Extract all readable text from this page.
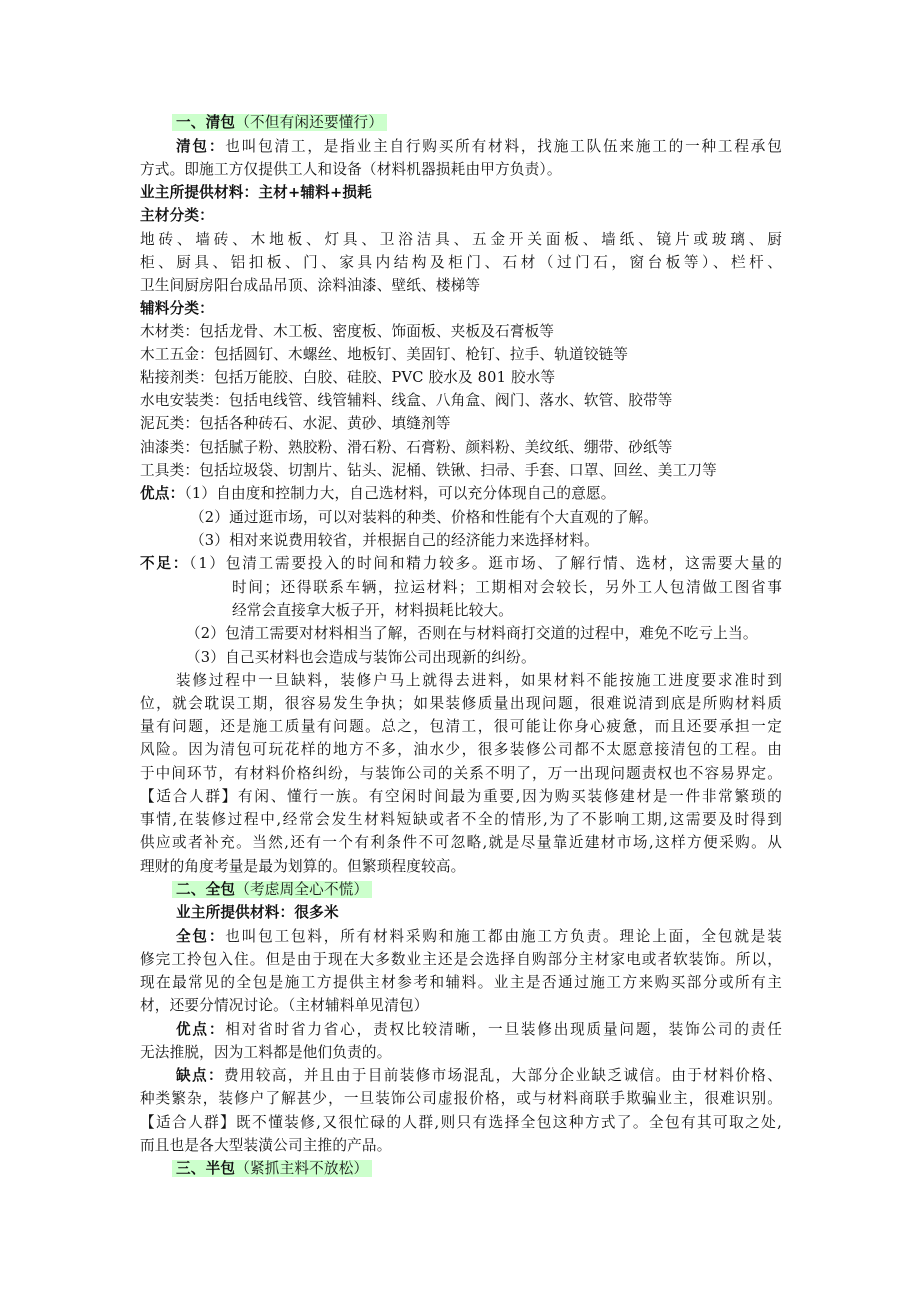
一、清包（不但有闲还要懂行）
清包：也叫包清工，是指业主自行购买所有材料，找施工队伍来施工的一种工程承包
方式。即施工方仅提供工人和设备（材料机器损耗由甲方负责）。
业主所提供材料：主材+辅料+损耗
主材分类：
地砖、墙砖、木地板、灯具、卫浴洁具、五金开关面板、墙纸、镜片或玻璃、厨
柜、厨具、铝扣板、门、家具内结构及柜门、石材（过门石，窗台板等）、栏杆、
卫生间厨房阳台成品吊顶、涂料油漆、壁纸、楼梯等
辅料分类：
木材类：包括龙骨、木工板、密度板、饰面板、夹板及石膏板等
木工五金：包括圆钉、木螺丝、地板钉、美固钉、枪钉、拉手、轨道铰链等
粘接剂类：包括万能胶、白胶、硅胶、PVC 胶水及 801 胶水等
水电安装类：包括电线管、线管辅料、线盒、八角盒、阀门、落水、软管、胶带等
泥瓦类：包括各种砖石、水泥、黄砂、填缝剂等
油漆类：包括腻子粉、熟胶粉、滑石粉、石膏粉、颜料粉、美纹纸、绷带、砂纸等
工具类：包括垃圾袋、切割片、钻头、泥桶、铁锹、扫帚、手套、口罩、回丝、美工刀等
优点：（1）自由度和控制力大，自己选材料，可以充分体现自己的意愿。
（2）通过逛市场，可以对装料的种类、价格和性能有个大直观的了解。
（3）相对来说费用较省，并根据自己的经济能力来选择材料。
不足：（1）包清工需要投入的时间和精力较多。逛市场、了解行情、选材，这需要大量的
时间；还得联系车辆，拉运材料；工期相对会较长，另外工人包清做工图省事
经常会直接拿大板子开，材料损耗比较大。
（2）包清工需要对材料相当了解，否则在与材料商打交道的过程中，难免不吃亏上当。
（3）自己买材料也会造成与装饰公司出现新的纠纷。
装修过程中一旦缺料，装修户马上就得去进料，如果材料不能按施工进度要求准时到
位，就会耽误工期，很容易发生争执；如果装修质量出现问题，很难说清到底是所购材料质
量有问题，还是施工质量有问题。总之，包清工，很可能让你身心疲惫，而且还要承担一定
风险。因为清包可玩花样的地方不多，油水少，很多装修公司都不太愿意接清包的工程。由
于中间环节，有材料价格纠纷，与装饰公司的关系不明了，万一出现问题责权也不容易界定。
【适合人群】有闲、懂行一族。有空闲时间最为重要,因为购买装修建材是一件非常繁琐的
事情,在装修过程中,经常会发生材料短缺或者不全的情形,为了不影响工期,这需要及时得到
供应或者补充。当然,还有一个有利条件不可忽略,就是尽量靠近建材市场,这样方便采购。从
理财的角度考量是最为划算的。但繁琐程度较高。
二、全包（考虑周全心不慌）
业主所提供材料：很多米
全包：也叫包工包料，所有材料采购和施工都由施工方负责。理论上面，全包就是装
修完工拎包入住。但是由于现在大多数业主还是会选择自购部分主材家电或者软装饰。所以，
现在最常见的全包是施工方提供主材参考和辅料。业主是否通过施工方来购买部分或所有主
材，还要分情况讨论。（主材辅料单见清包）
优点：相对省时省力省心，责权比较清晰，一旦装修出现质量问题，装饰公司的责任
无法推脱，因为工料都是他们负责的。
缺点：费用较高，并且由于目前装修市场混乱，大部分企业缺乏诚信。由于材料价格、
种类繁杂，装修户了解甚少，一旦装饰公司虚报价格，或与材料商联手欺骗业主，很难识别。
【适合人群】既不懂装修,又很忙碌的人群,则只有选择全包这种方式了。全包有其可取之处,
而且也是各大型装潢公司主推的产品。
三、半包（紧抓主料不放松）
